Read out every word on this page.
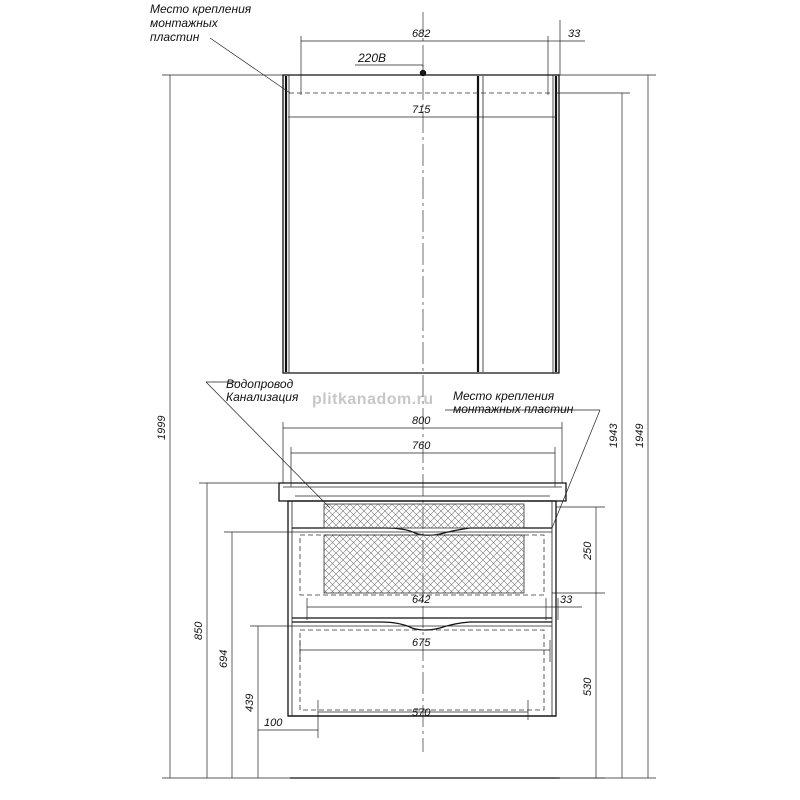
Место крепления
монтажных
пластин
220В
Водопровод
Канализация	Место крепления
монтажных пластин
682	33
715
800
760
642	33
675
570
100
250
530
1943 1949
1999
850
694
439
plitkanadom.ru
